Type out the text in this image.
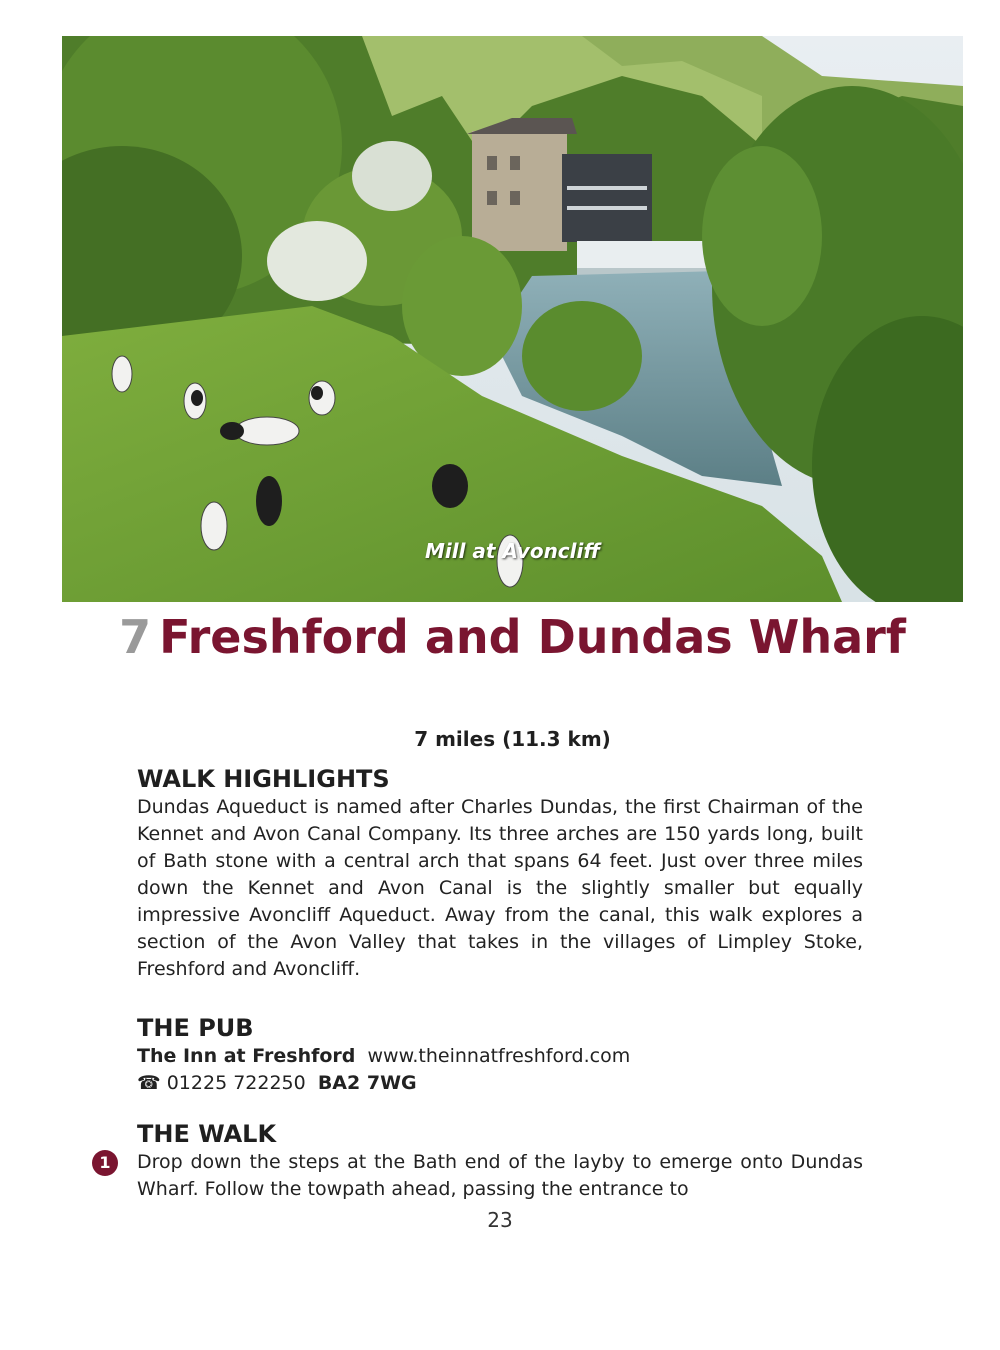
Mill at Avoncliff
7 Freshford and Dundas Wharf
7 miles (11.3 km)
WALK HIGHLIGHTS

Dundas Aqueduct is named after Charles Dundas, the first Chairman of the Kennet and Avon Canal Company. Its three arches are 150 yards long, built of Bath stone with a central arch that spans 64 feet. Just over three miles down the Kennet and Avon Canal is the slightly smaller but equally impressive Avoncliff Aqueduct. Away from the canal, this walk explores a section of the Avon Valley that takes in the villages of Limpley Stoke, Freshford and Avoncliff.

THE PUB
The Inn at Freshford www.theinnatfreshford.com
☎ 01225 722250 BA2 7WG
THE WALK
1	Drop down the steps at the Bath end of the layby to emerge onto Dundas Wharf. Follow the towpath ahead, passing the entrance to

23
